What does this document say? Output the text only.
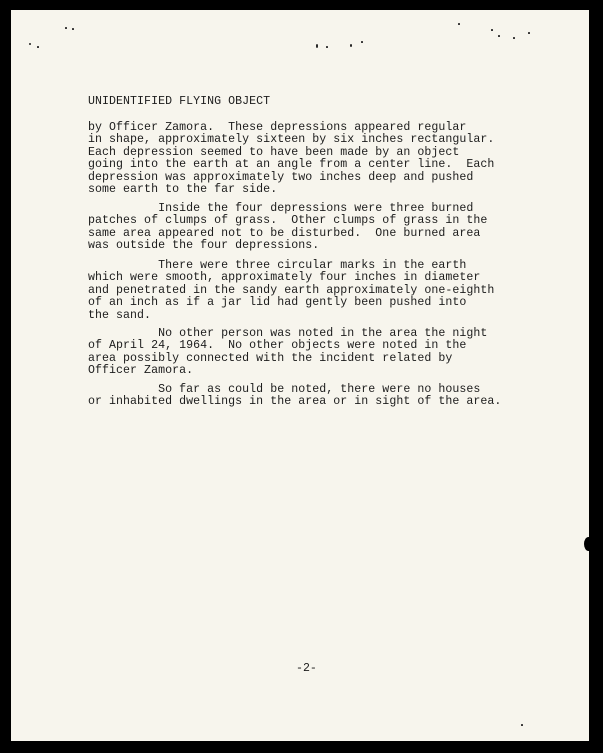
UNIDENTIFIED FLYING OBJECT

by Officer Zamora.  These depressions appeared regular
in shape, approximately sixteen by six inches rectangular.
Each depression seemed to have been made by an object
going into the earth at an angle from a center line.  Each
depression was approximately two inches deep and pushed
some earth to the far side.

Inside the four depressions were three burned
patches of clumps of grass.  Other clumps of grass in the
same area appeared not to be disturbed.  One burned area
was outside the four depressions.

There were three circular marks in the earth
which were smooth, approximately four inches in diameter
and penetrated in the sandy earth approximately one-eighth
of an inch as if a jar lid had gently been pushed into
the sand.

No other person was noted in the area the night
of April 24, 1964.  No other objects were noted in the
area possibly connected with the incident related by
Officer Zamora.

So far as could be noted, there were no houses
or inhabited dwellings in the area or in sight of the area.

-2-
